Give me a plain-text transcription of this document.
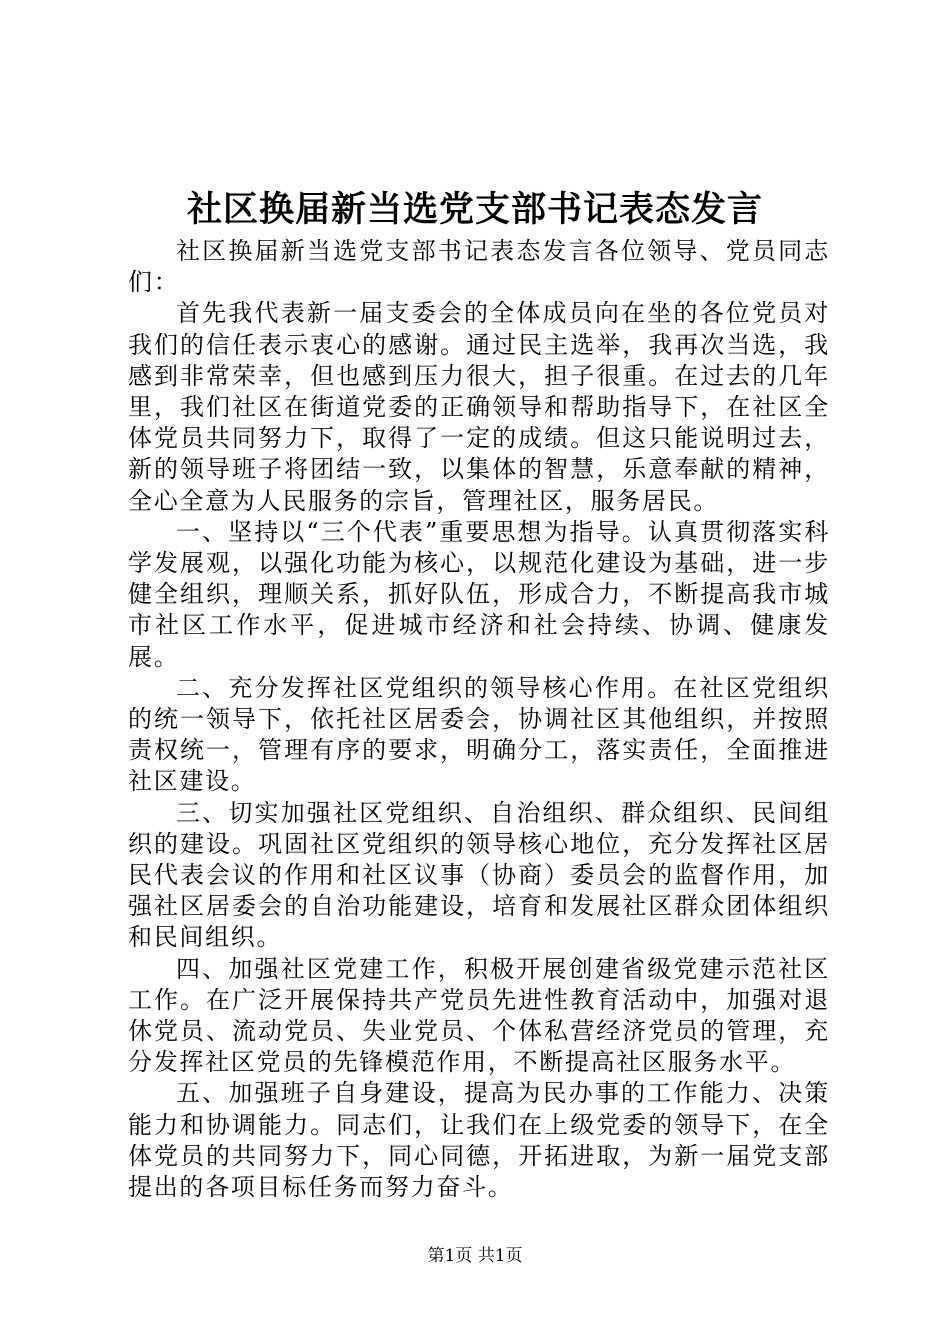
社区换届新当选党支部书记表态发言

社区换届新当选党支部书记表态发言各位领导、党员同志们：

首先我代表新一届支委会的全体成员向在坐的各位党员对我们的信任表示衷心的感谢。通过民主选举，我再次当选，我感到非常荣幸，但也感到压力很大，担子很重。在过去的几年里，我们社区在街道党委的正确领导和帮助指导下，在社区全体党员共同努力下，取得了一定的成绩。但这只能说明过去，新的领导班子将团结一致，以集体的智慧，乐意奉献的精神，全心全意为人民服务的宗旨，管理社区，服务居民。

一、坚持以“三个代表”重要思想为指导。认真贯彻落实科学发展观，以强化功能为核心，以规范化建设为基础，进一步健全组织，理顺关系，抓好队伍，形成合力，不断提高我市城市社区工作水平，促进城市经济和社会持续、协调、健康发展。

二、充分发挥社区党组织的领导核心作用。在社区党组织的统一领导下，依托社区居委会，协调社区其他组织，并按照责权统一，管理有序的要求，明确分工，落实责任，全面推进社区建设。

三、切实加强社区党组织、自治组织、群众组织、民间组织的建设。巩固社区党组织的领导核心地位，充分发挥社区居民代表会议的作用和社区议事（协商）委员会的监督作用，加强社区居委会的自治功能建设，培育和发展社区群众团体组织和民间组织。

四、加强社区党建工作，积极开展创建省级党建示范社区工作。在广泛开展保持共产党员先进性教育活动中，加强对退休党员、流动党员、失业党员、个体私营经济党员的管理，充分发挥社区党员的先锋模范作用，不断提高社区服务水平。

五、加强班子自身建设，提高为民办事的工作能力、决策能力和协调能力。同志们，让我们在上级党委的领导下，在全体党员的共同努力下，同心同德，开拓进取，为新一届党支部提出的各项目标任务而努力奋斗。

第1页 共1页
